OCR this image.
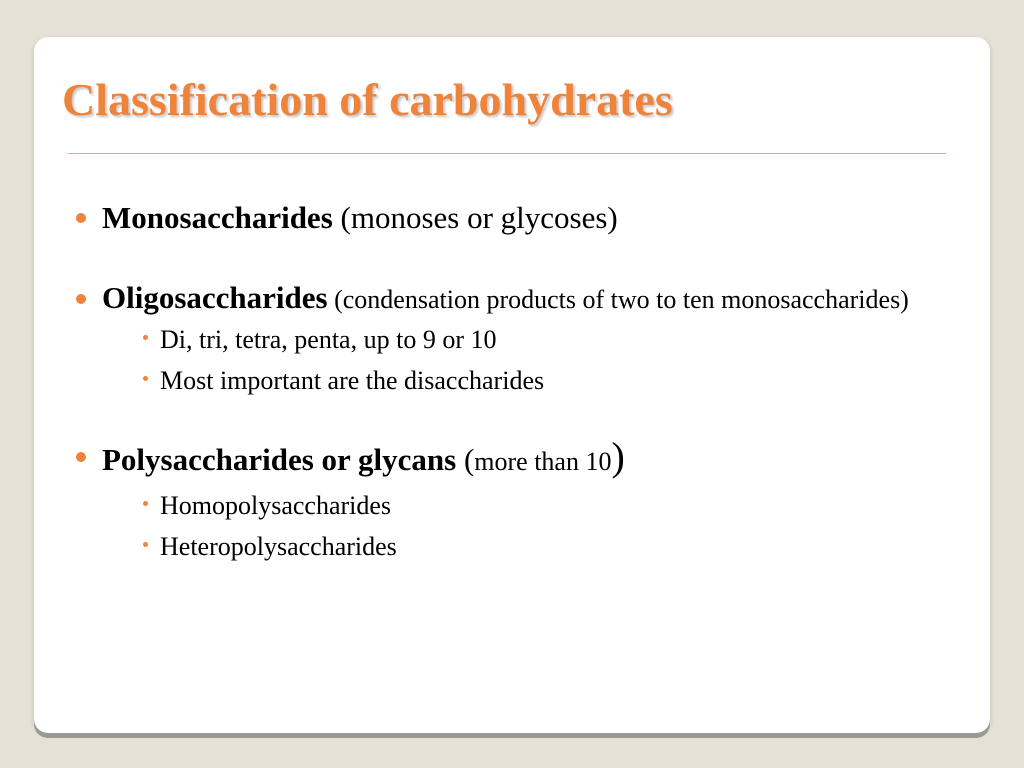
Classification of carbohydrates
Monosaccharides (monoses or glycoses)
Oligosaccharides (condensation products of two to ten monosaccharides)
Di, tri, tetra, penta, up to 9 or 10
Most important are the disaccharides
Polysaccharides or glycans (more than 10)
Homopolysaccharides
Heteropolysaccharides
